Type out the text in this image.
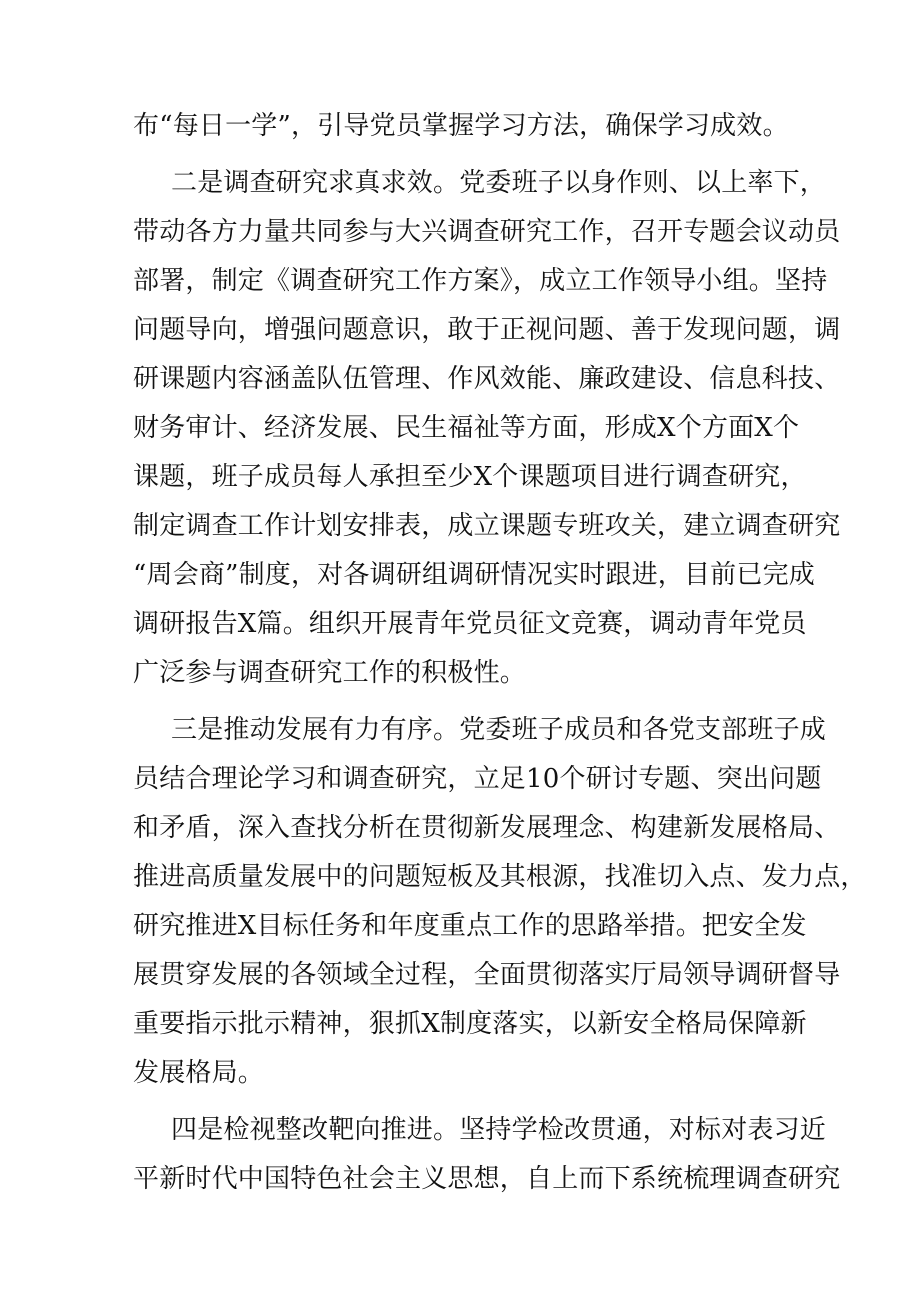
布“每日一学”，引导党员掌握学习方法，确保学习成效。
二是调查研究求真求效。党委班子以身作则、以上率下，
带动各方力量共同参与大兴调查研究工作，召开专题会议动员
部署，制定《调查研究工作方案》，成立工作领导小组。坚持
问题导向，增强问题意识，敢于正视问题、善于发现问题，调
研课题内容涵盖队伍管理、作风效能、廉政建设、信息科技、
财务审计、经济发展、民生福祉等方面，形成X个方面X个
课题，班子成员每人承担至少X个课题项目进行调查研究，
制定调查工作计划安排表，成立课题专班攻关，建立调查研究
“周会商”制度，对各调研组调研情况实时跟进，目前已完成
调研报告X篇。组织开展青年党员征文竞赛，调动青年党员
广泛参与调查研究工作的积极性。
三是推动发展有力有序。党委班子成员和各党支部班子成
员结合理论学习和调查研究，立足10个研讨专题、突出问题
和矛盾，深入查找分析在贯彻新发展理念、构建新发展格局、
推进高质量发展中的问题短板及其根源，找准切入点、发力点，
研究推进X目标任务和年度重点工作的思路举措。把安全发
展贯穿发展的各领域全过程，全面贯彻落实厅局领导调研督导
重要指示批示精神，狠抓X制度落实，以新安全格局保障新
发展格局。
四是检视整改靶向推进。坚持学检改贯通，对标对表习近
平新时代中国特色社会主义思想，自上而下系统梳理调查研究
